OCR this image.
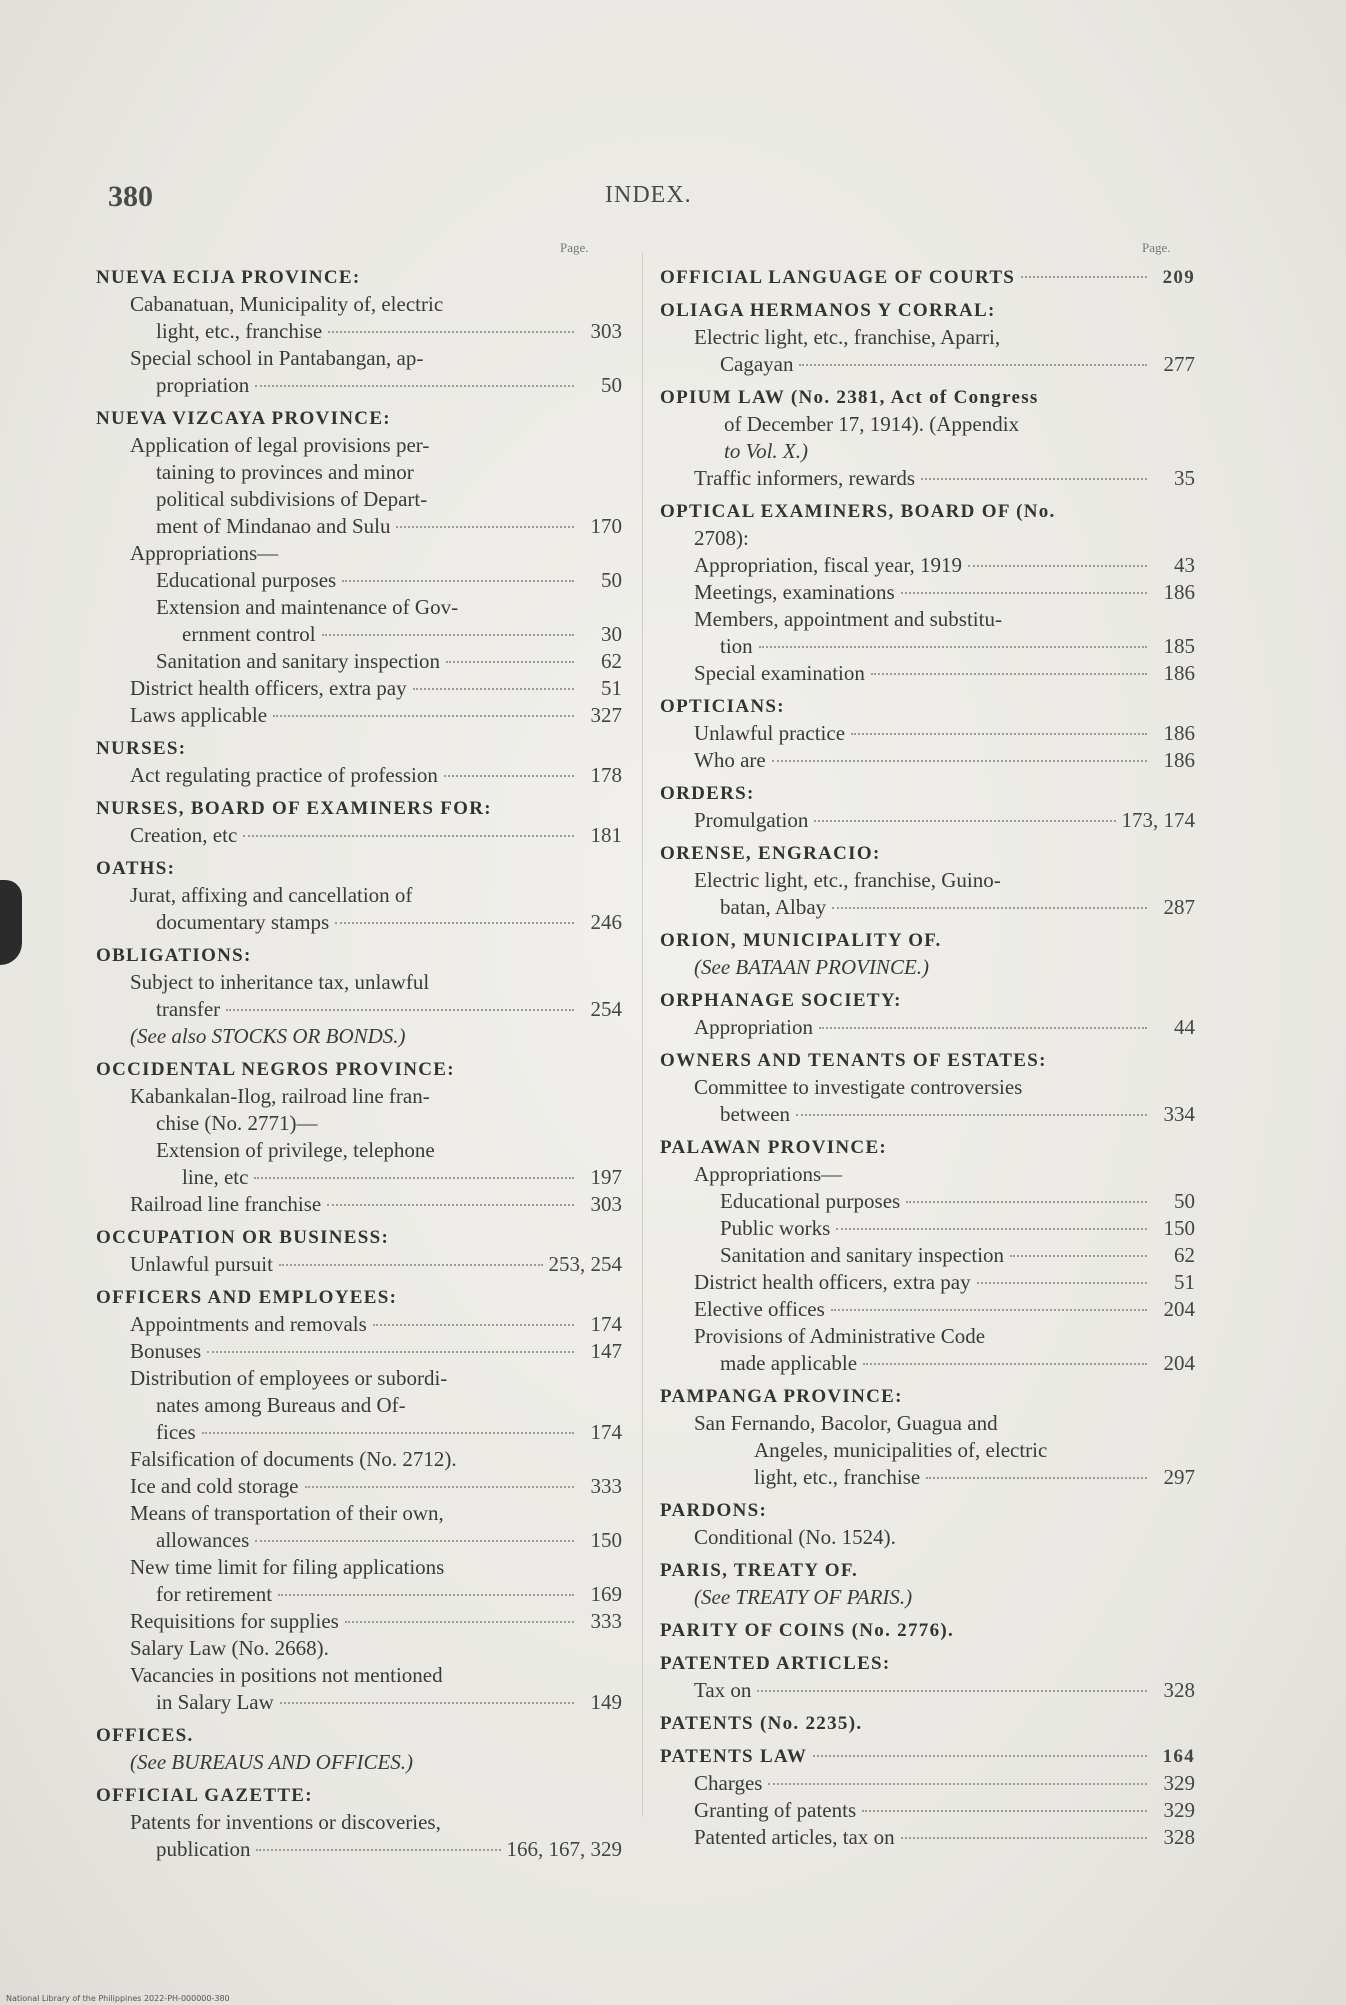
380	INDEX.
Page.	Page.
NUEVA ECIJA PROVINCE:
Cabanatuan, Municipality of, electric
light, etc., franchise	303
Special school in Pantabangan, ap-
propriation	50
NUEVA VIZCAYA PROVINCE:
Application of legal provisions per-
taining to provinces and minor
political subdivisions of Depart-
ment of Mindanao and Sulu	170
Appropriations—
Educational purposes	50
Extension and maintenance of Gov-
ernment control	30
Sanitation and sanitary inspection	62
District health officers, extra pay	51
Laws applicable	327
NURSES:
Act regulating practice of profession	178
NURSES, BOARD OF EXAMINERS FOR:
Creation, etc	181
OATHS:
Jurat, affixing and cancellation of
documentary stamps	246
OBLIGATIONS:
Subject to inheritance tax, unlawful
transfer	254
(See also STOCKS OR BONDS.)
OCCIDENTAL NEGROS PROVINCE:
Kabankalan-Ilog, railroad line fran-
chise (No. 2771)—
Extension of privilege, telephone
line, etc	197
Railroad line franchise	303
OCCUPATION OR BUSINESS:
Unlawful pursuit	253, 254
OFFICERS AND EMPLOYEES:
Appointments and removals	174
Bonuses	147
Distribution of employees or subordi-
nates among Bureaus and Of-
fices	174
Falsification of documents (No. 2712).
Ice and cold storage	333
Means of transportation of their own,
allowances	150
New time limit for filing applications
for retirement	169
Requisitions for supplies	333
Salary Law (No. 2668).
Vacancies in positions not mentioned
in Salary Law	149
OFFICES.
(See BUREAUS AND OFFICES.)
OFFICIAL GAZETTE:
Patents for inventions or discoveries,
publication	166, 167, 329
OFFICIAL LANGUAGE OF COURTS	209
OLIAGA HERMANOS Y CORRAL:
Electric light, etc., franchise, Aparri,
Cagayan	277
OPIUM LAW (No. 2381, Act of Congress
of December 17, 1914). (Appendix
to Vol. X.)
Traffic informers, rewards	35
OPTICAL EXAMINERS, BOARD OF (No.
2708):
Appropriation, fiscal year, 1919	43
Meetings, examinations	186
Members, appointment and substitu-
tion	185
Special examination	186
OPTICIANS:
Unlawful practice	186
Who are	186
ORDERS:
Promulgation	173, 174
ORENSE, ENGRACIO:
Electric light, etc., franchise, Guino-
batan, Albay	287
ORION, MUNICIPALITY OF.
(See BATAAN PROVINCE.)
ORPHANAGE SOCIETY:
Appropriation	44
OWNERS AND TENANTS OF ESTATES:
Committee to investigate controversies
between	334
PALAWAN PROVINCE:
Appropriations—
Educational purposes	50
Public works	150
Sanitation and sanitary inspection	62
District health officers, extra pay	51
Elective offices	204
Provisions of Administrative Code
made applicable	204
PAMPANGA PROVINCE:
San Fernando, Bacolor, Guagua and
Angeles, municipalities of, electric
light, etc., franchise	297
PARDONS:
Conditional (No. 1524).
PARIS, TREATY OF.
(See TREATY OF PARIS.)
PARITY OF COINS (No. 2776).
PATENTED ARTICLES:
Tax on	328
PATENTS (No. 2235).
PATENTS LAW	164
Charges	329
Granting of patents	329
Patented articles, tax on	328
National Library of the Philippines 2022-PH-000000-380
